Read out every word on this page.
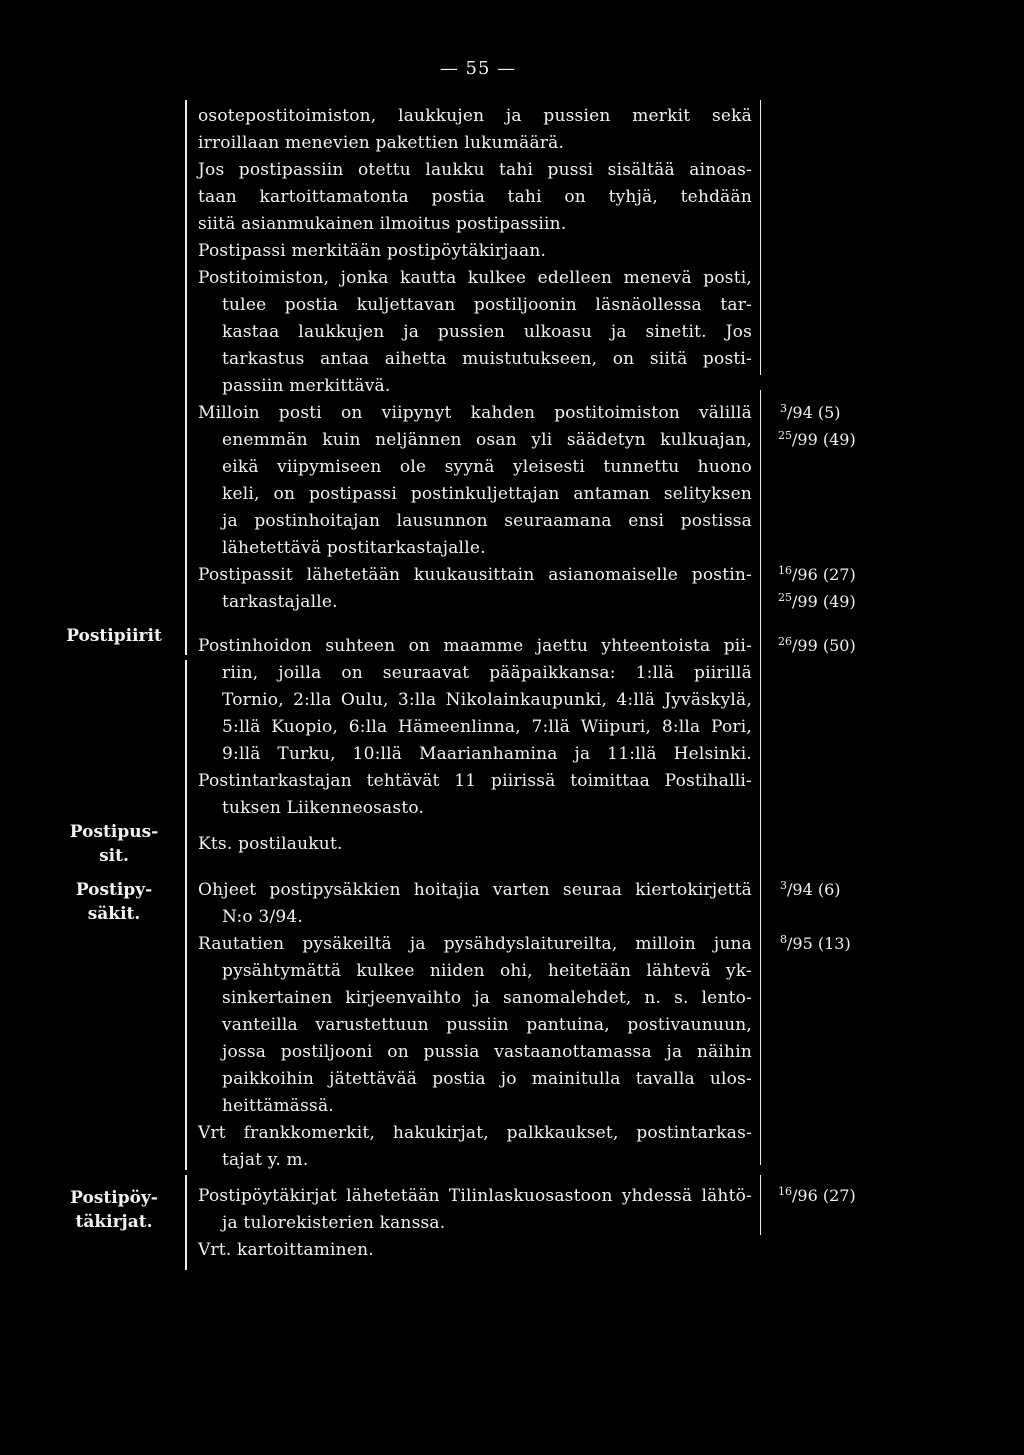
— 55 —
Postipiirit
Postipus-
sit.
Postipy-
säkit.
Postipöy-
täkirjat.
osotepostitoimiston, laukkujen ja pussien merkit sekä
irroillaan menevien pakettien lukumäärä.
Jos postipassiin otettu laukku tahi pussi sisältää ainoas-
taan kartoittamatonta postia tahi on tyhjä, tehdään
siitä asianmukainen ilmoitus postipassiin.
Postipassi merkitään postipöytäkirjaan.
Postitoimiston, jonka kautta kulkee edelleen menevä posti,
tulee postia kuljettavan postiljoonin läsnäollessa tar-
kastaa laukkujen ja pussien ulkoasu ja sinetit. Jos
tarkastus antaa aihetta muistutukseen, on siitä posti-
passiin merkittävä.
Milloin posti on viipynyt kahden postitoimiston välillä
enemmän kuin neljännen osan yli säädetyn kulkuajan,
eikä viipymiseen ole syynä yleisesti tunnettu huono
keli, on postipassi postinkuljettajan antaman selityksen
ja postinhoitajan lausunnon seuraamana ensi postissa
lähetettävä postitarkastajalle.
Postipassit lähetetään kuukausittain asianomaiselle postin-
tarkastajalle.
Postinhoidon suhteen on maamme jaettu yhteentoista pii-
riin, joilla on seuraavat pääpaikkansa: 1:llä piirillä
Tornio, 2:lla Oulu, 3:lla Nikolainkaupunki, 4:llä Jyväskylä,
5:llä Kuopio, 6:lla Hämeenlinna, 7:llä Wiipuri, 8:lla Pori,
9:llä Turku, 10:llä Maarianhamina ja 11:llä Helsinki.
Postintarkastajan tehtävät 11 piirissä toimittaa Postihalli-
tuksen Liikenneosasto.
Kts. postilaukut.
Ohjeet postipysäkkien hoitajia varten seuraa kiertokirjettä
N:o 3/94.
Rautatien pysäkeiltä ja pysähdyslaitureilta, milloin juna
pysähtymättä kulkee niiden ohi, heitetään lähtevä yk-
sinkertainen kirjeenvaihto ja sanomalehdet, n. s. lento-
vanteilla varustettuun pussiin pantuina, postivaunuun,
jossa postiljooni on pussia vastaanottamassa ja näihin
paikkoihin jätettävää postia jo mainitulla tavalla ulos-
heittämässä.
Vrt frankkomerkit, hakukirjat, palkkaukset, postintarkas-
tajat y. m.
Postipöytäkirjat lähetetään Tilinlaskuosastoon yhdessä lähtö-
ja tulorekisterien kanssa.
Vrt. kartoittaminen.
$^3$/94 (5)
$^{25}$/99 (49)
$^{16}$/96 (27)
$^{25}$/99 (49)
$^{26}$/99 (50)
$^3$/94 (6)
$^8$/95 (13)
$^{16}$/96 (27)
